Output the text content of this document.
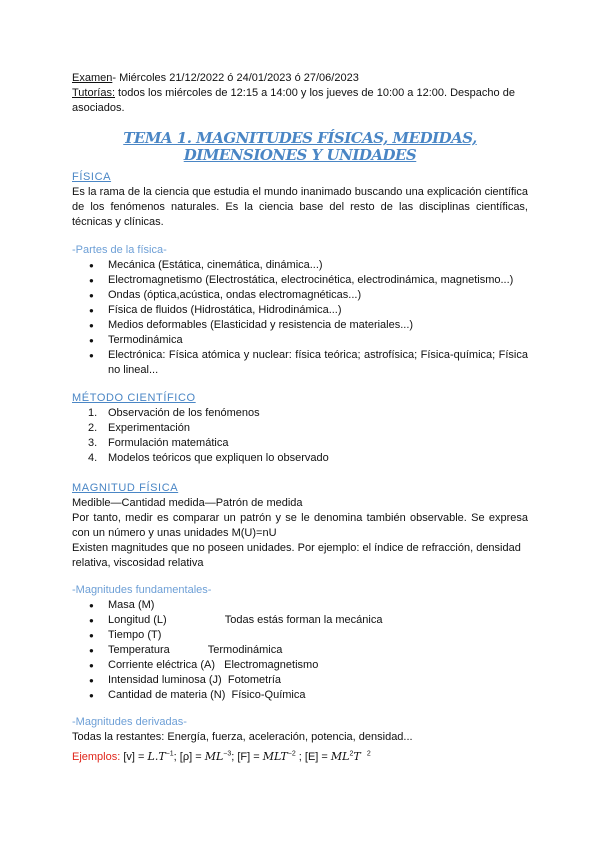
Examen- Miércoles 21/12/2022 ó 24/01/2023 ó 27/06/2023
Tutorías: todos los miércoles de 12:15 a 14:00 y los jueves de 10:00 a 12:00. Despacho de asociados.
TEMA 1. MAGNITUDES FÍSICAS, MEDIDAS, DIMENSIONES Y UNIDADES
FÍSICA
Es la rama de la ciencia que estudia el mundo inanimado buscando una explicación científica de los fenómenos naturales. Es la ciencia base del resto de las disciplinas científicas, técnicas y clínicas.
-Partes de la física-
● Mecánica (Estática, cinemática, dinámica...)
● Electromagnetismo (Electrostática, electrocinética, electrodinámica, magnetismo...)
● Ondas (óptica,acústica, ondas electromagnéticas...)
● Física de fluidos (Hidrostática, Hidrodinámica...)
● Medios deformables (Elasticidad y resistencia de materiales...)
● Termodinámica
● Electrónica: Física atómica y nuclear: física teórica; astrofísica; Física-química; Física no lineal...
MÉTODO CIENTÍFICO
1. Observación de los fenómenos
2. Experimentación
3. Formulación matemática
4. Modelos teóricos que expliquen lo observado
MAGNITUD FÍSICA
Medible—Cantidad medida—Patrón de medida
Por tanto, medir es comparar un patrón y se le denomina también observable. Se expresa con un número y unas unidades M(U)=nU
Existen magnitudes que no poseen unidades. Por ejemplo: el índice de refracción, densidad relativa, viscosidad relativa
-Magnitudes fundamentales-
● Masa (M)
● Longitud (L)	Todas estás forman la mecánica
● Tiempo (T)
● Temperatura	Termodinámica
● Corriente eléctrica (A) Electromagnetismo
● Intensidad luminosa (J) Fotometría
● Cantidad de materia (N) Físico-Química
-Magnitudes derivadas-
Todas la restantes: Energía, fuerza, aceleración, potencia, densidad...
Ejemplos: $[v] = L.T^{-1}$; $[\rho] = ML^{-3}$; $[F] = MLT^{-2}$ ; $[E] = ML^2T$ $^2$
